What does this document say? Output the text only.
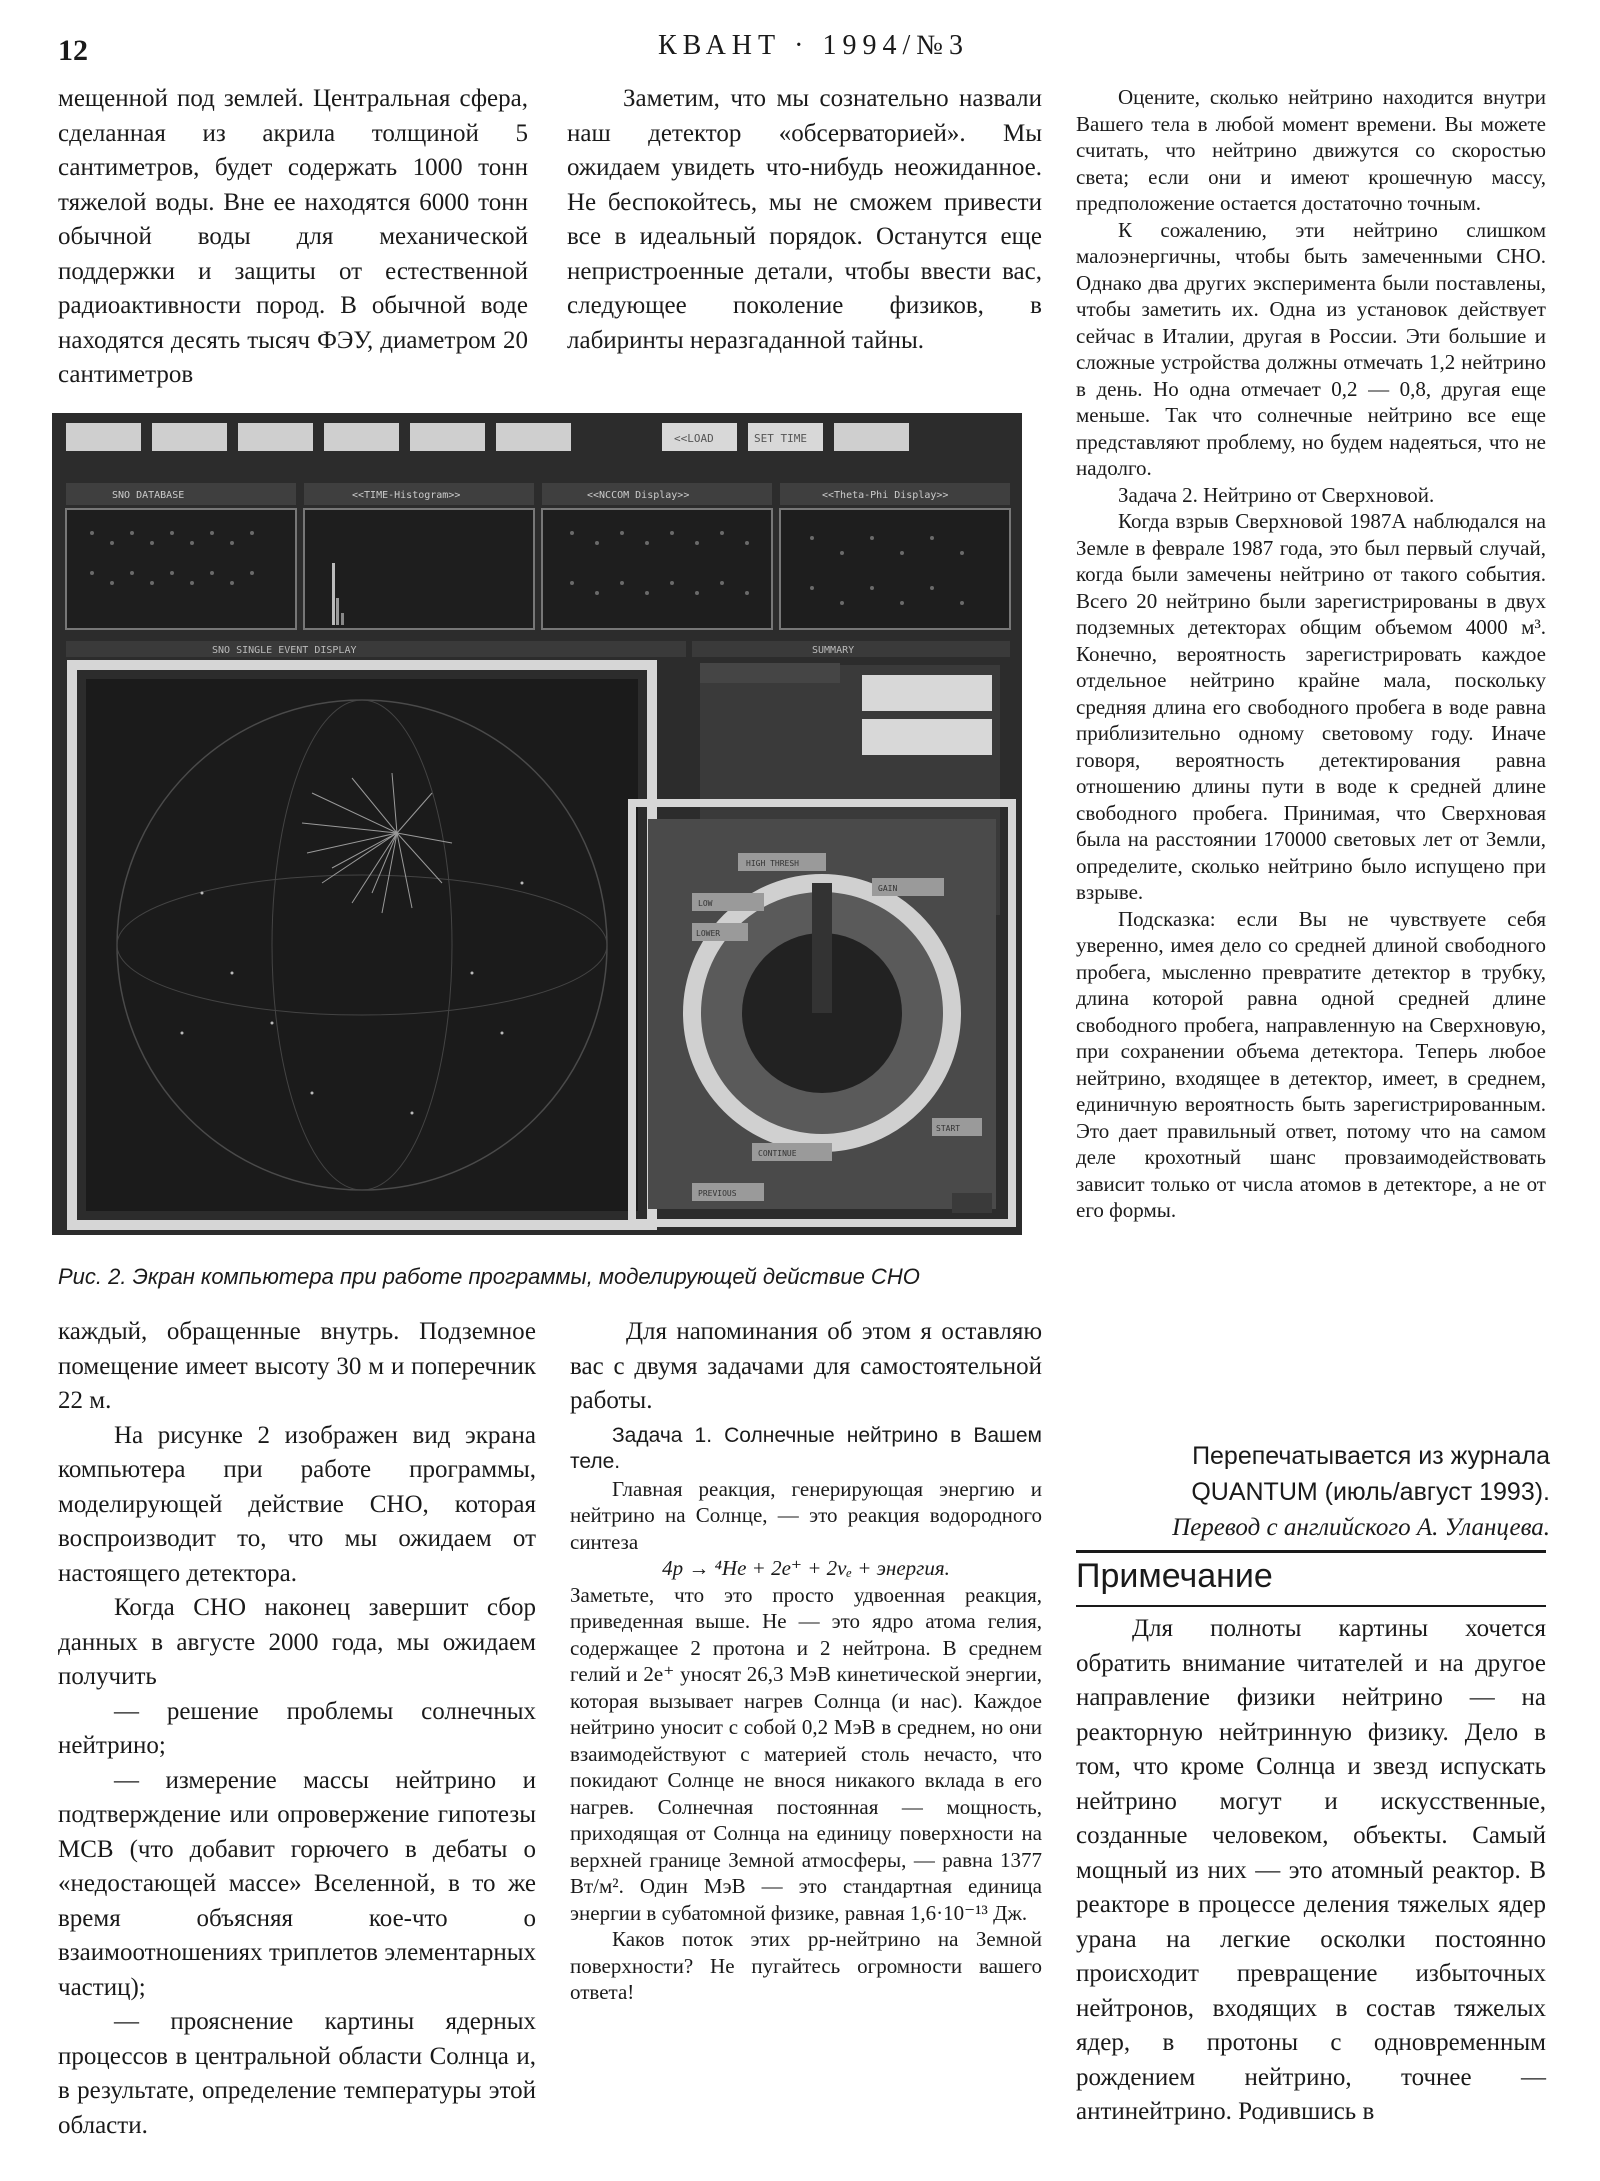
12	КВАНТ · 1994/№3

мещенной под землей. Центральная сфера, сделанная из акрила толщиной 5 сантиметров, будет содержать 1000 тонн тяжелой воды. Вне ее находятся 6000 тонн обычной воды для механической поддержки и защиты от естественной радиоактивности пород. В обычной воде находятся десять тысяч ФЭУ, диаметром 20 сантиметров

Заметим, что мы сознательно назвали наш детектор «обсерваторией». Мы ожидаем увидеть что-нибудь неожиданное. Не беспокойтесь, мы не сможем привести все в идеальный порядок. Останутся еще непристроенные детали, чтобы ввести вас, следующее поколение физиков, в лабиринты неразгаданной тайны.

<<LOAD	SET TIME
SNO DATABASE	<<TIME-Histogram>>	<<NCCOM Display>>	<<Theta-Phi Display>>
SNO SINGLE EVENT DISPLAY	SUMMARY
HIGH THRESH
GAIN
LOW
LOWER
START
CONTINUE
PREVIOUS
Рис. 2. Экран компьютера при работе программы, моделирующей действие СНО

каждый, обращенные внутрь. Подземное помещение имеет высоту 30 м и поперечник 22 м.

На рисунке 2 изображен вид экрана компьютера при работе программы, моделирующей действие СНО, которая воспроизводит то, что мы ожидаем от настоящего детектора.

Когда СНО наконец завершит сбор данных в августе 2000 года, мы ожидаем получить

— решение проблемы солнечных нейтрино;

— измерение массы нейтрино и подтверждение или опровержение гипотезы МСВ (что добавит горючего в дебаты о «недостающей массе» Вселенной, в то же время объясняя кое-что о взаимоотношениях триплетов элементарных частиц);

— прояснение картины ядерных процессов в центральной области Солнца и, в результате, определение температуры этой области.

Для напоминания об этом я оставляю вас с двумя задачами для самостоятельной работы.

Задача 1. Солнечные нейтрино в Вашем теле.

Главная реакция, генерирующая энергию и нейтрино на Солнце, — это реакция водородного синтеза

4p → ⁴He + 2e⁺ + 2νₑ + энергия.

Заметьте, что это просто удвоенная реакция, приведенная выше. He — это ядро атома гелия, содержащее 2 протона и 2 нейтрона. В среднем гелий и 2e⁺ уносят 26,3 МэВ кинетической энергии, которая вызывает нагрев Солнца (и нас). Каждое нейтрино уносит с собой 0,2 МэВ в среднем, но они взаимодействуют с материей столь нечасто, что покидают Солнце не внося никакого вклада в его нагрев. Солнечная постоянная — мощность, приходящая от Солнца на единицу поверхности на верхней границе Земной атмосферы, — равна 1377 Вт/м². Один МэВ — это стандартная единица энергии в субатомной физике, равная 1,6·10⁻¹³ Дж.

Каков поток этих pp-нейтрино на Земной поверхности? Не пугайтесь огромности вашего ответа!

Оцените, сколько нейтрино находится внутри Вашего тела в любой момент времени. Вы можете считать, что нейтрино движутся со скоростью света; если они и имеют крошечную массу, предположение остается достаточно точным.

К сожалению, эти нейтрино слишком малоэнергичны, чтобы быть замеченными СНО. Однако два других эксперимента были поставлены, чтобы заметить их. Одна из установок действует сейчас в Италии, другая в России. Эти большие и сложные устройства должны отмечать 1,2 нейтрино в день. Но одна отмечает 0,2 — 0,8, другая еще меньше. Так что солнечные нейтрино все еще представляют проблему, но будем надеяться, что не надолго.

Задача 2. Нейтрино от Сверхновой.

Когда взрыв Сверхновой 1987А наблюдался на Земле в феврале 1987 года, это был первый случай, когда были замечены нейтрино от такого события. Всего 20 нейтрино были зарегистрированы в двух подземных детекторах общим объемом 4000 м³. Конечно, вероятность зарегистрировать каждое отдельное нейтрино крайне мала, поскольку средняя длина его свободного пробега в воде равна приблизительно одному световому году. Иначе говоря, вероятность детектирования равна отношению длины пути в воде к средней длине свободного пробега. Принимая, что Сверхновая была на расстоянии 170000 световых лет от Земли, определите, сколько нейтрино было испущено при взрыве.

Подсказка: если Вы не чувствуете себя уверенно, имея дело со средней длиной свободного пробега, мысленно превратите детектор в трубку, длина которой равна одной средней длине свободного пробега, направленную на Сверхновую, при сохранении объема детектора. Теперь любое нейтрино, входящее в детектор, имеет, в среднем, единичную вероятность быть зарегистрированным. Это дает правильный ответ, потому что на самом деле крохотный шанс провзаимодействовать зависит только от числа атомов в детекторе, а не от его формы.

Перепечатывается из журнала
QUANTUM (июль/август 1993).
Перевод с английского А. Уланцева.
Примечание

Для полноты картины хочется обратить внимание читателей и на другое направление физики нейтрино — на реакторную нейтринную физику. Дело в том, что кроме Солнца и звезд испускать нейтрино могут и искусственные, созданные человеком, объекты. Самый мощный из них — это атомный реактор. В реакторе в процессе деления тяжелых ядер урана на легкие осколки постоянно происходит превращение избыточных нейтронов, входящих в состав тяжелых ядер, в протоны с одновременным рождением нейтрино, точнее — антинейтрино. Родившись в
